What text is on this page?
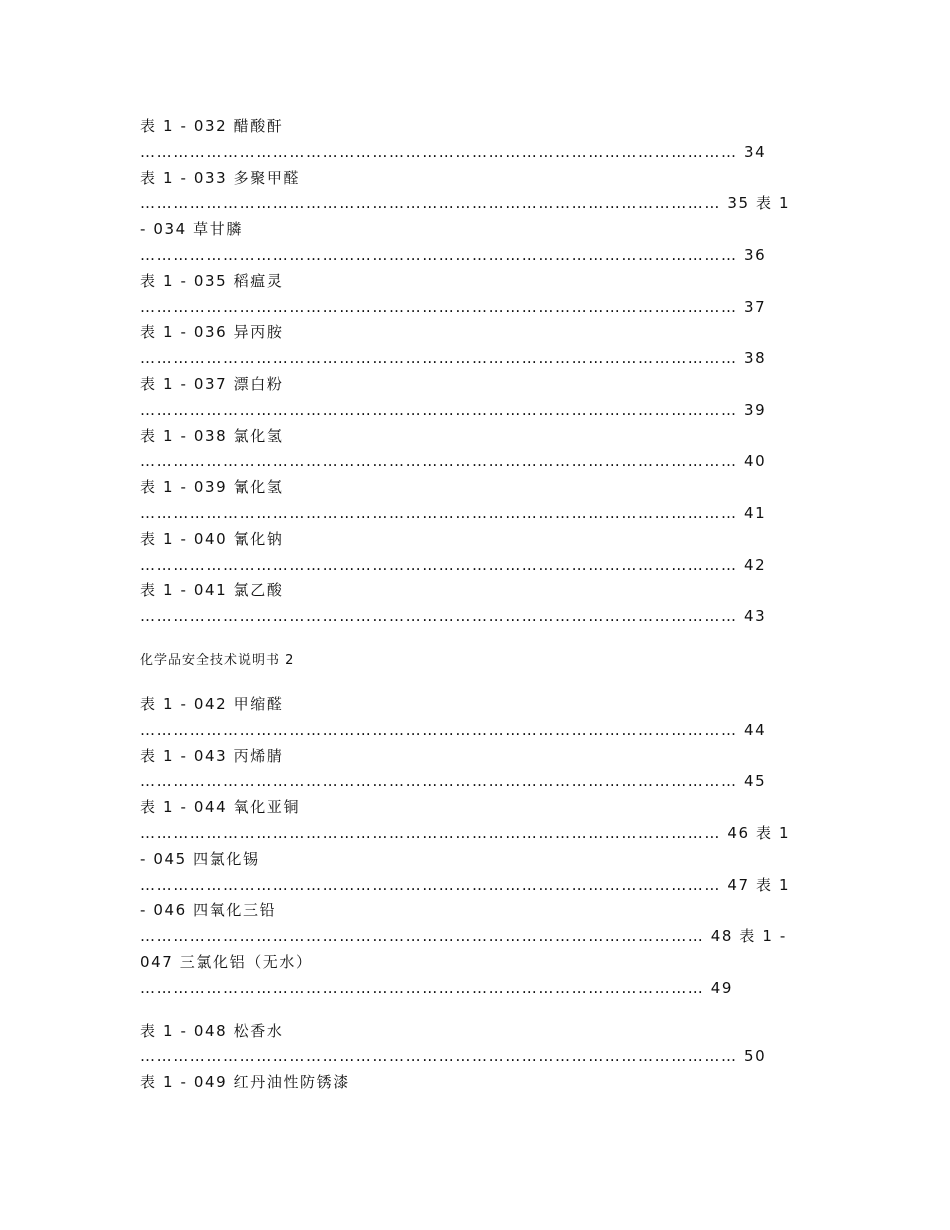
表 1 - 032 醋酸酐
……………………………………………………………………………………………… 34
表 1 - 033 多聚甲醛
…………………………………………………………………………………………… 35 表 1
- 034 草甘膦
……………………………………………………………………………………………… 36
表 1 - 035 稻瘟灵
……………………………………………………………………………………………… 37
表 1 - 036 异丙胺
……………………………………………………………………………………………… 38
表 1 - 037 漂白粉
……………………………………………………………………………………………… 39
表 1 - 038 氯化氢
……………………………………………………………………………………………… 40
表 1 - 039 氰化氢
……………………………………………………………………………………………… 41
表 1 - 040 氰化钠
……………………………………………………………………………………………… 42
表 1 - 041 氯乙酸
……………………………………………………………………………………………… 43
化学品安全技术说明书 2
表 1 - 042 甲缩醛
……………………………………………………………………………………………… 44
表 1 - 043 丙烯腈
……………………………………………………………………………………………… 45
表 1 - 044 氧化亚铜
…………………………………………………………………………………………… 46 表 1
- 045 四氯化锡
…………………………………………………………………………………………… 47 表 1
- 046 四氧化三铅
………………………………………………………………………………………… 48 表 1 -
047 三氯化铝（无水）
………………………………………………………………………………………… 49
表 1 - 048 松香水
……………………………………………………………………………………………… 50
表 1 - 049 红丹油性防锈漆
